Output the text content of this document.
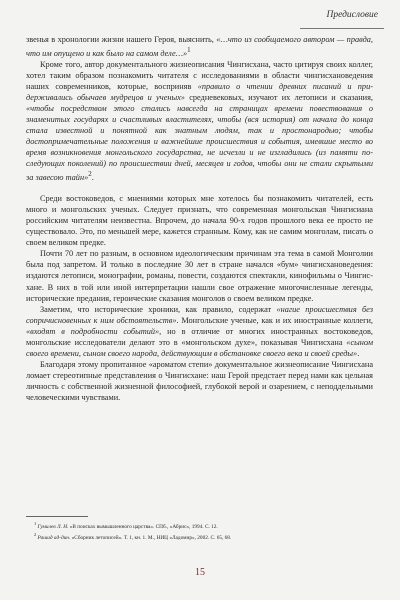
Предисловие

звенья в хронологии жизни нашего Героя, выяснить, «…что из сообщаемого автором — правда, что им опущено и как было на самом деле…»$^1$

Кроме того, автор документального жизнеописания Чингисхана, часто цитируя своих коллег, хотел таким образом познакомить читателя с исследованиями в области чингисхановедения наших современников, которые, восприняв «правило о чтении древних писаний и придерживались обычаев мудрецов и ученых» средневековых, изучают их летописи и сказания, «чтобы посредством этого стались навсегда на страницах времени повествования о знаменитых государях и счастливых властителях, чтобы (вся история) от начала до конца стала известной и понятной как знатным людям, так и простонародью; чтобы достопримечательные положения и важнейшие происшествия и события, имевшие место во время возникновения монгольского государства, не исчезли и не изгладились (из памяти последующих поколений) по происшествии дней, месяцев и годов, чтобы они не стали скрытыми за завесою тайн»$^2$.

Среди востоковедов, с мнениями которых мне хотелось бы познакомить читателей, есть много и монгольских ученых. Следует признать, что современная монгольская Чингисиана российским читателям неизвестна. Впрочем, до начала 90-х годов прошлого века ее просто не существовало. Это, по меньшей мере, кажется странным. Кому, как не самим монголам, писать о своем великом предке.

Почти 70 лет по разным, в основном идеологическим причинам эта тема в самой Монголии была под запретом. И только в последние 30 лет в стране начался «бум» чингисхановедения: издаются летописи, монографии, романы, повести, создаются спектакли, кинофильмы о Чингисхане. В них в той или иной интерпретации нашли свое отражение многочисленные легенды, исторические предания, героические сказания монголов о своем великом предке.

Заметим, что исторические хроники, как правило, содержат «нагие происшествия без сопричисновенных к ним обстоятельств». Монгольские ученые, как и их иностранные коллеги, «входят в подробности событий», но в отличие от многих иностранных востоковедов, монгольские исследователи делают это в «монгольском духе», показывая Чингисхана «сыном своего времени, сыном своего народа, действующим в обстановке своего века и своей среды».

Благодаря этому пропитанное «ароматом степи» документальное жизнеописание Чингисхана ломает стереотипные представления о Чингисхане: наш Герой предстает перед нами как цельная личность с собственной жизненной философией, глубокой верой и озарением, с неподдельными человеческими чувствами.

$^1$ Гумилев Л. Н. «В поисках вымышленного царства». СПб., «Абрис», 1994. С. 12.

$^2$ Рашид ад-дин. «Сборник летописей». Т. 1, кн. 1. М., НИЦ «Ладомир», 2002. С. 65, 68.

15
